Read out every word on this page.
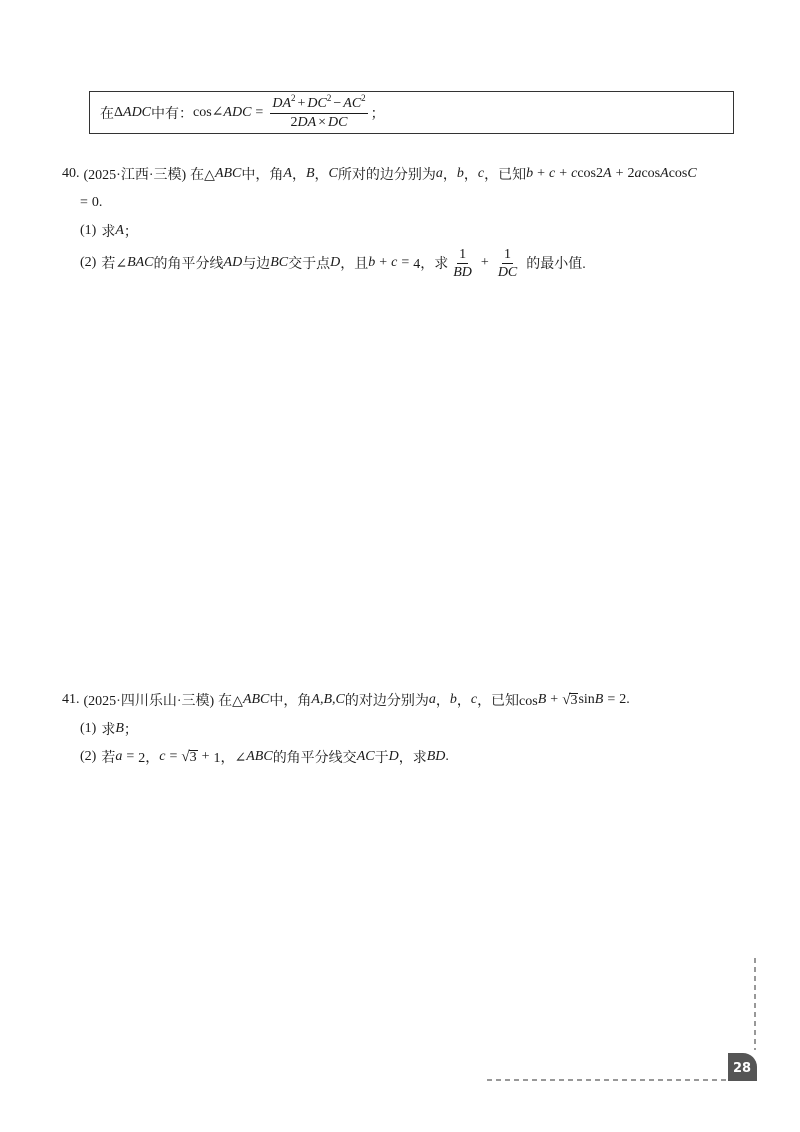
在 Δ ADC 中有： cos∠ ADC =
DA 2 + DC 2 − AC 2
2 DA × DC
；
40. (2025·江西·三模) 在△ ABC 中，角 A ， B ， C 所对的边分别为 a ， b ， c ，已知 b + c + c cos2 A + 2 a cos A cos C
= 0.
(1) 求 A ；
(2) 若∠ BAC 的角平分线 AD 与边 BC 交于点 D ，且 b + c = 4，求 $\frac{1}{BD} + \frac{1}{DC}$ 的最小值.
41. (2025·四川乐山·三模) 在△ ABC 中，角 A,B,C 的对边分别为 a ， b ， c ，已知cos B + √ 3 sin B = 2.
(1) 求 B ；
(2) 若 a = 2， c = √ 3 + 1，∠ ABC 的角平分线交 AC 于 D ，求 BD .
28
